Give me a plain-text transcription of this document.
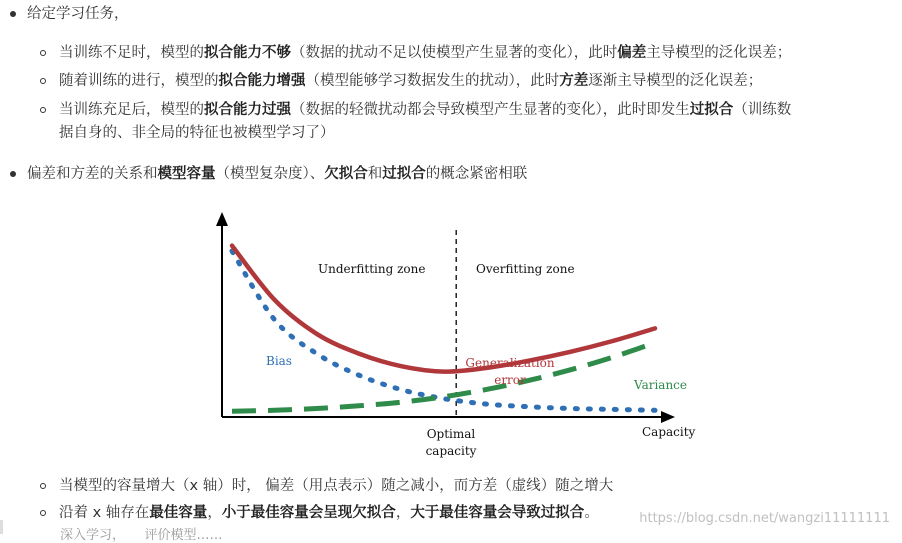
给定学习任务，
当训练不足时，模型的拟合能力不够（数据的扰动不足以使模型产生显著的变化），此时偏差主导模型的泛化误差；
随着训练的进行，模型的拟合能力增强（模型能够学习数据发生的扰动），此时方差逐渐主导模型的泛化误差；
当训练充足后，模型的拟合能力过强（数据的轻微扰动都会导致模型产生显著的变化），此时即发生过拟合（训练数
据自身的、非全局的特征也被模型学习了）
偏差和方差的关系和模型容量（模型复杂度）、欠拟合和过拟合的概念紧密相联
Underfitting zone	Overfitting zone
Optimal
capacity
Capacity
Bias
Variance
Generalization
error
当模型的容量增大（x 轴）时， 偏差（用点表示）随之减小，而方差（虚线）随之增大
沿着 x 轴存在最佳容量，小于最佳容量会呈现欠拟合，大于最佳容量会导致过拟合。
深入学习，　　评价模型……
https://blog.csdn.net/wangzi11111111
